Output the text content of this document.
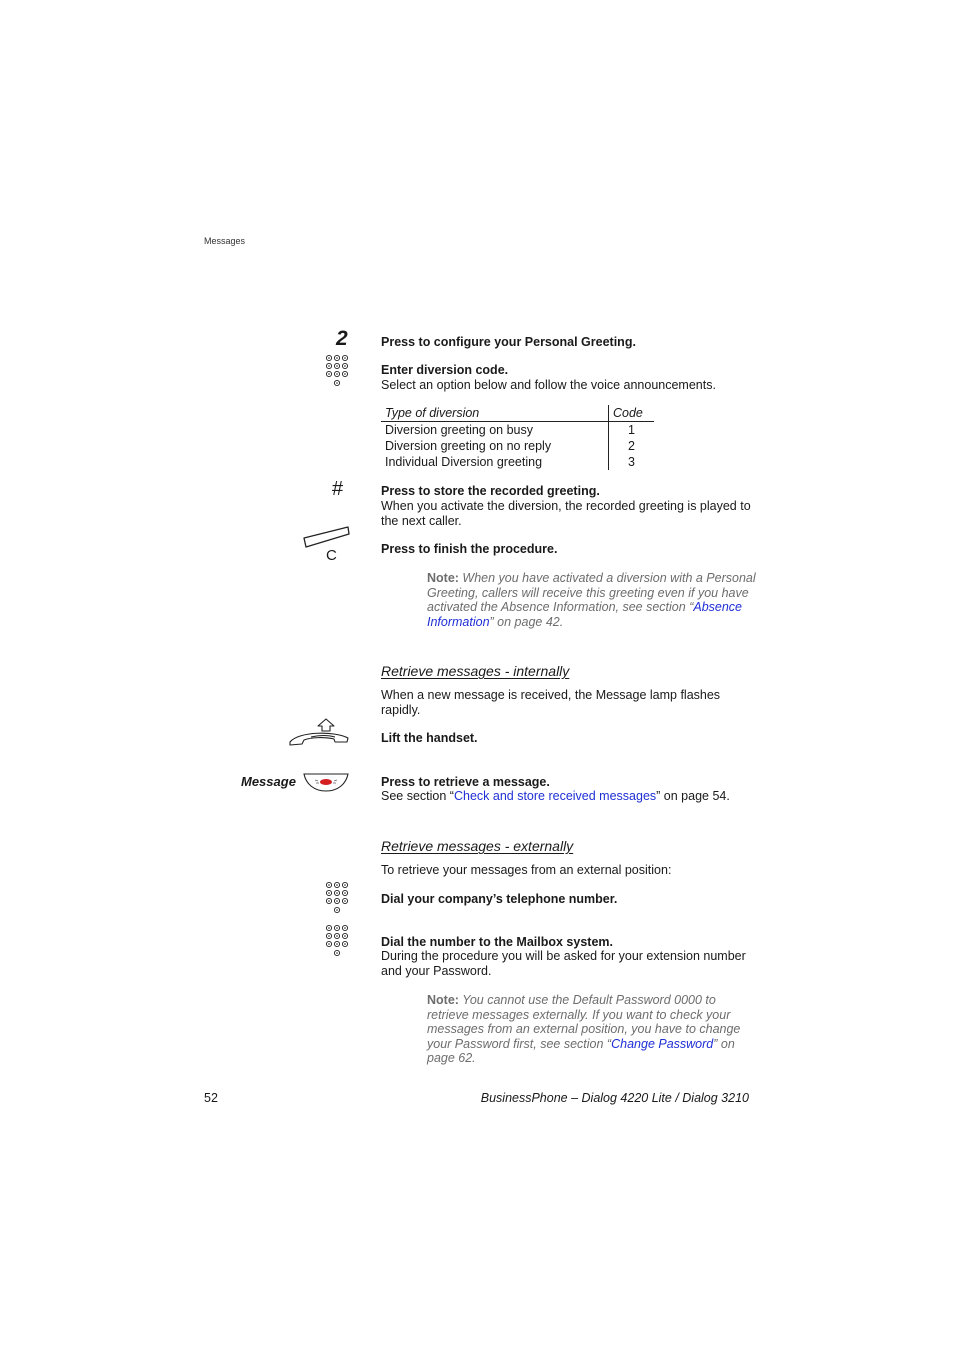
Messages
2	Press to configure your Personal Greeting.
Enter diversion code.
Select an option below and follow the voice announcements.
Type of diversion	Code
Diversion greeting on busy	1
Diversion greeting on no reply	2
Individual Diversion greeting	3
#	Press to store the recorded greeting.
When you activate the diversion, the recorded greeting is played to the next caller.
C	Press to finish the procedure.
Note: When you have activated a diversion with a Personal Greeting, callers will receive this greeting even if you have activated the Absence Information, see section “Absence Information” on page 42.
Retrieve messages - internally
When a new message is received, the Message lamp flashes rapidly.
Lift the handset.
Message	Press to retrieve a message.
See section “Check and store received messages” on page 54.
Retrieve messages - externally
To retrieve your messages from an external position:
Dial your company’s telephone number.
Dial the number to the Mailbox system.
During the procedure you will be asked for your extension number and your Password.
Note: You cannot use the Default Password 0000 to retrieve messages externally. If you want to check your messages from an external position, you have to change your Password first, see section “Change Password” on page 62.
52	BusinessPhone – Dialog 4220 Lite / Dialog 3210
